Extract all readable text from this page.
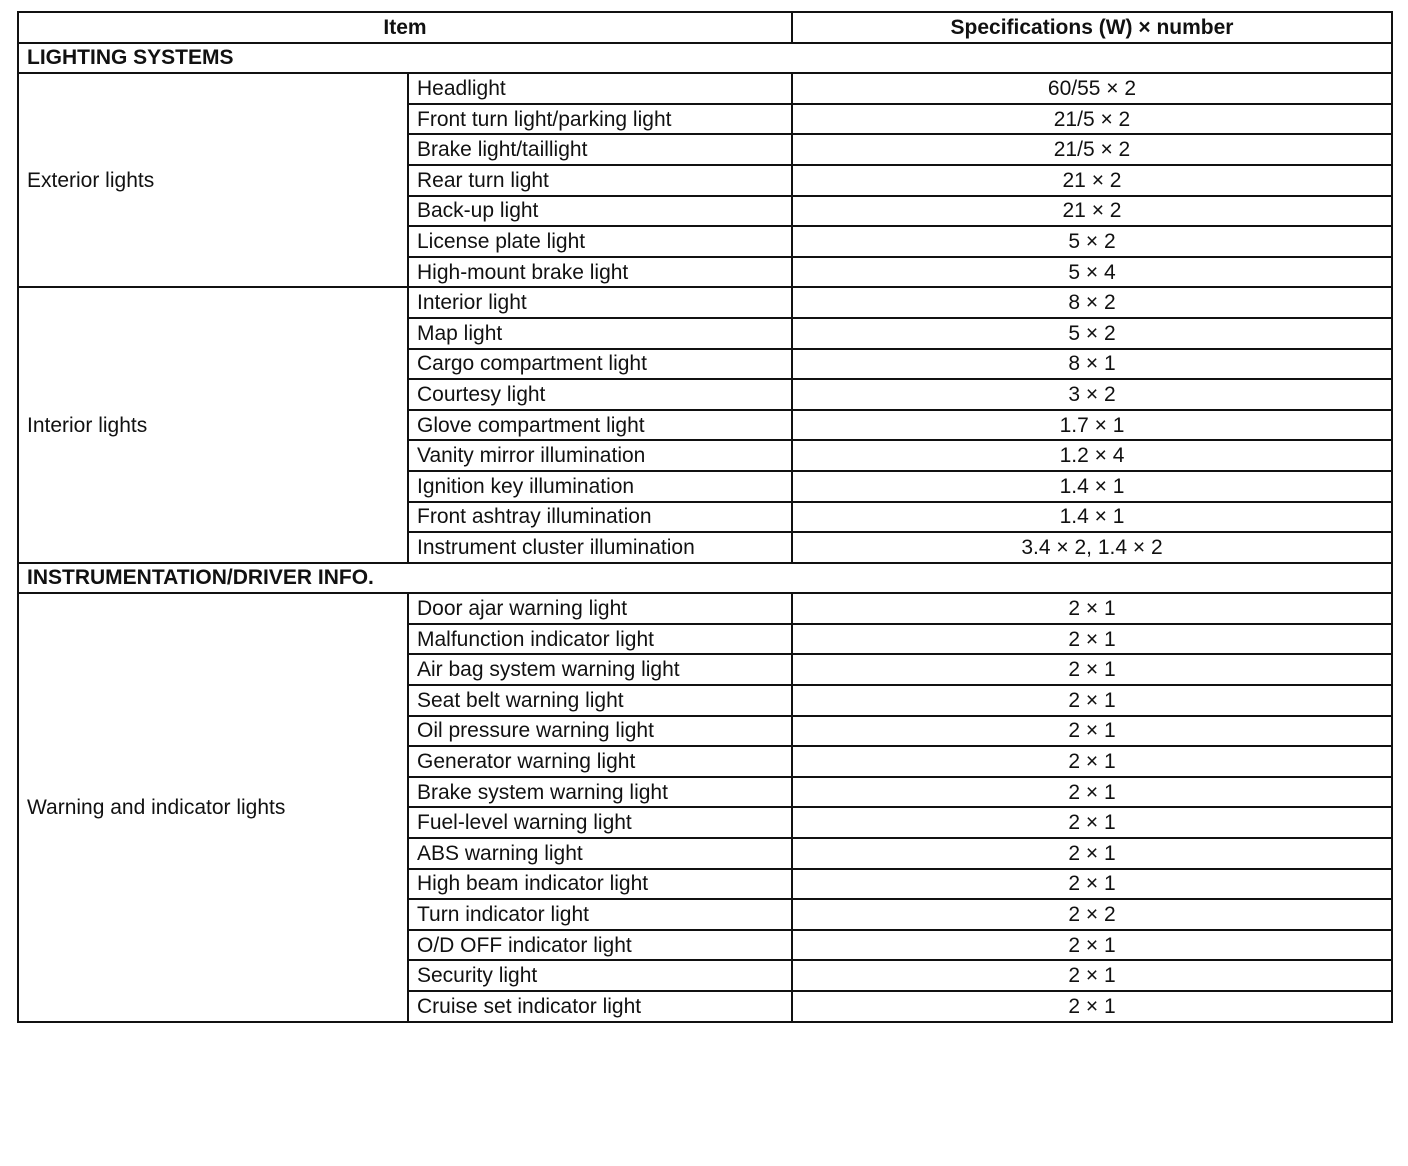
Item		Specifications (W) × number
LIGHTING SYSTEMS		
Exterior lights	Headlight	60/55 × 2
	Front turn light/parking light	21/5 × 2
	Brake light/taillight	21/5 × 2
	Rear turn light	21 × 2
	Back-up light	21 × 2
	License plate light	5 × 2
	High-mount brake light	5 × 4
Interior lights	Interior light	8 × 2
	Map light	5 × 2
	Cargo compartment light	8 × 1
	Courtesy light	3 × 2
	Glove compartment light	1.7 × 1
	Vanity mirror illumination	1.2 × 4
	Ignition key illumination	1.4 × 1
	Front ashtray illumination	1.4 × 1
	Instrument cluster illumination	3.4 × 2, 1.4 × 2
INSTRUMENTATION/DRIVER INFO.		
Warning and indicator lights	Door ajar warning light	2 × 1
	Malfunction indicator light	2 × 1
	Air bag system warning light	2 × 1
	Seat belt warning light	2 × 1
	Oil pressure warning light	2 × 1
	Generator warning light	2 × 1
	Brake system warning light	2 × 1
	Fuel-level warning light	2 × 1
	ABS warning light	2 × 1
	High beam indicator light	2 × 1
	Turn indicator light	2 × 2
	O/D OFF indicator light	2 × 1
	Security light	2 × 1
	Cruise set indicator light	2 × 1
